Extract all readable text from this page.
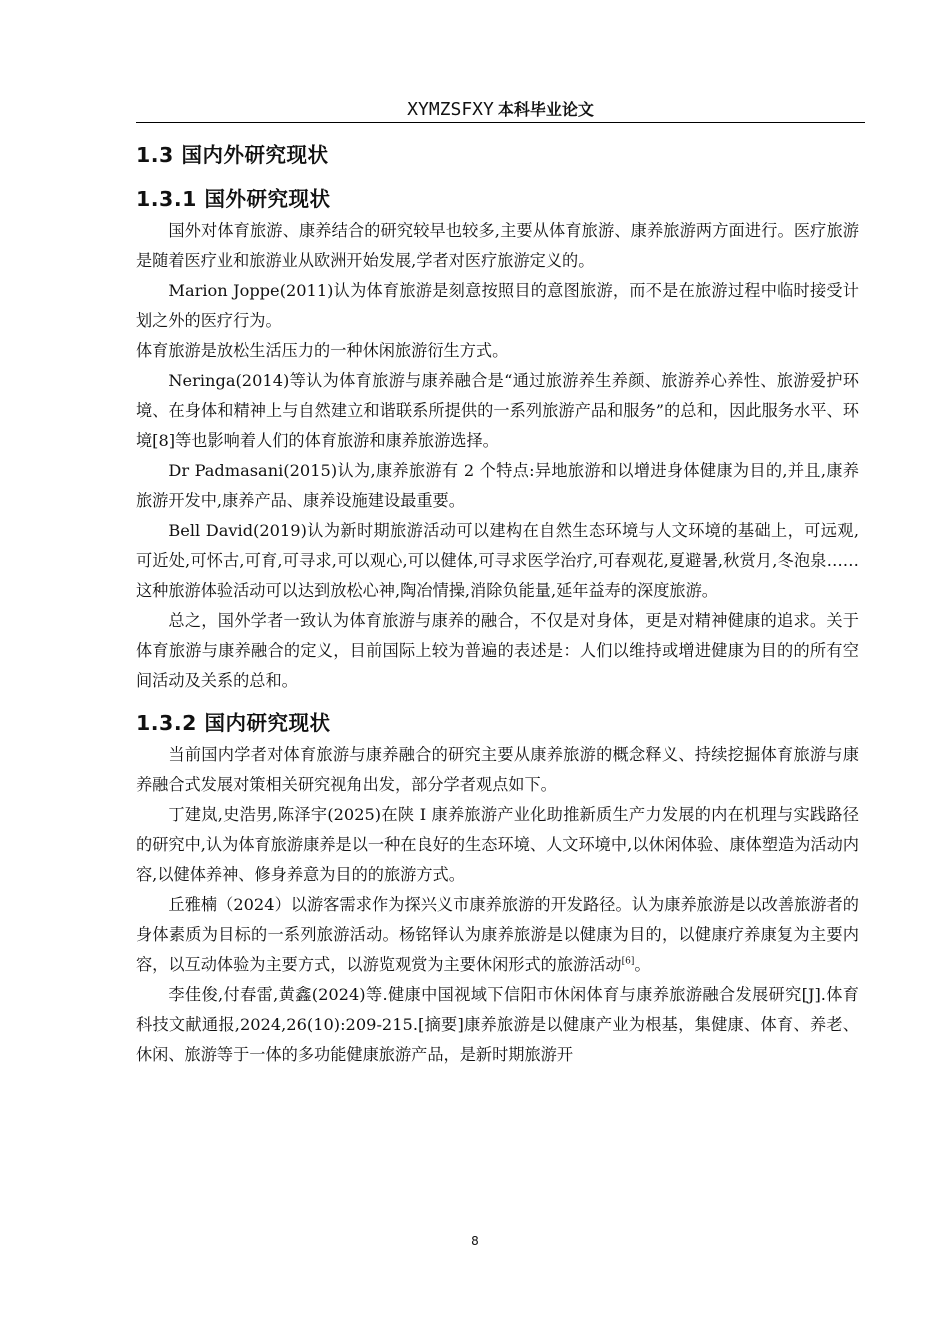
XYMZSFXY 本科毕业论文
1.3 国内外研究现状
1.3.1 国外研究现状

国外对体育旅游、康养结合的研究较早也较多,主要从体育旅游、康养旅游两方面进行。医疗旅游是随着医疗业和旅游业从欧洲开始发展,学者对医疗旅游定义的。

Marion Joppe(2011)认为体育旅游是刻意按照目的意图旅游，而不是在旅游过程中临时接受计划之外的医疗行为。

体育旅游是放松生活压力的一种休闲旅游衍生方式。

Neringa(2014)等认为体育旅游与康养融合是“通过旅游养生养颜、旅游养心养性、旅游爱护环境、在身体和精神上与自然建立和谐联系所提供的一系列旅游产品和服务”的总和，因此服务水平、环境[8]等也影响着人们的体育旅游和康养旅游选择。

Dr Padmasani(2015)认为,康养旅游有 2 个特点:异地旅游和以增进身体健康为目的,并且,康养旅游开发中,康养产品、康养设施建设最重要。

Bell David(2019)认为新时期旅游活动可以建构在自然生态环境与人文环境的基础上，可远观,可近处,可怀古,可育,可寻求,可以观心,可以健体,可寻求医学治疗,可春观花,夏避暑,秋赏月,冬泡泉……这种旅游体验活动可以达到放松心神,陶冶情操,消除负能量,延年益寿的深度旅游。

总之，国外学者一致认为体育旅游与康养的融合，不仅是对身体，更是对精神健康的追求。关于体育旅游与康养融合的定义，目前国际上较为普遍的表述是：人们以维持或增进健康为目的的所有空间活动及关系的总和。

1.3.2 国内研究现状

当前国内学者对体育旅游与康养融合的研究主要从康养旅游的概念释义、持续挖掘体育旅游与康养融合式发展对策相关研究视角出发，部分学者观点如下。

丁建岚,史浩男,陈泽宇(2025)在陕 I 康养旅游产业化助推新质生产力发展的内在机理与实践路径的研究中,认为体育旅游康养是以一种在良好的生态环境、人文环境中,以休闲体验、康体塑造为活动内容,以健体养神、修身养意为目的的旅游方式。

丘雅楠（2024）以游客需求作为探兴义市康养旅游的开发路径。认为康养旅游是以改善旅游者的身体素质为目标的一系列旅游活动。杨铭铎认为康养旅游是以健康为目的，以健康疗养康复为主要内容，以互动体验为主要方式，以游览观赏为主要休闲形式的旅游活动[6]。

李佳俊,付春雷,黄鑫(2024)等.健康中国视域下信阳市休闲体育与康养旅游融合发展研究[J].体育科技文献通报,2024,26(10):209-215.[摘要]康养旅游是以健康产业为根基，集健康、体育、养老、休闲、旅游等于一体的多功能健康旅游产品，是新时期旅游开

8
